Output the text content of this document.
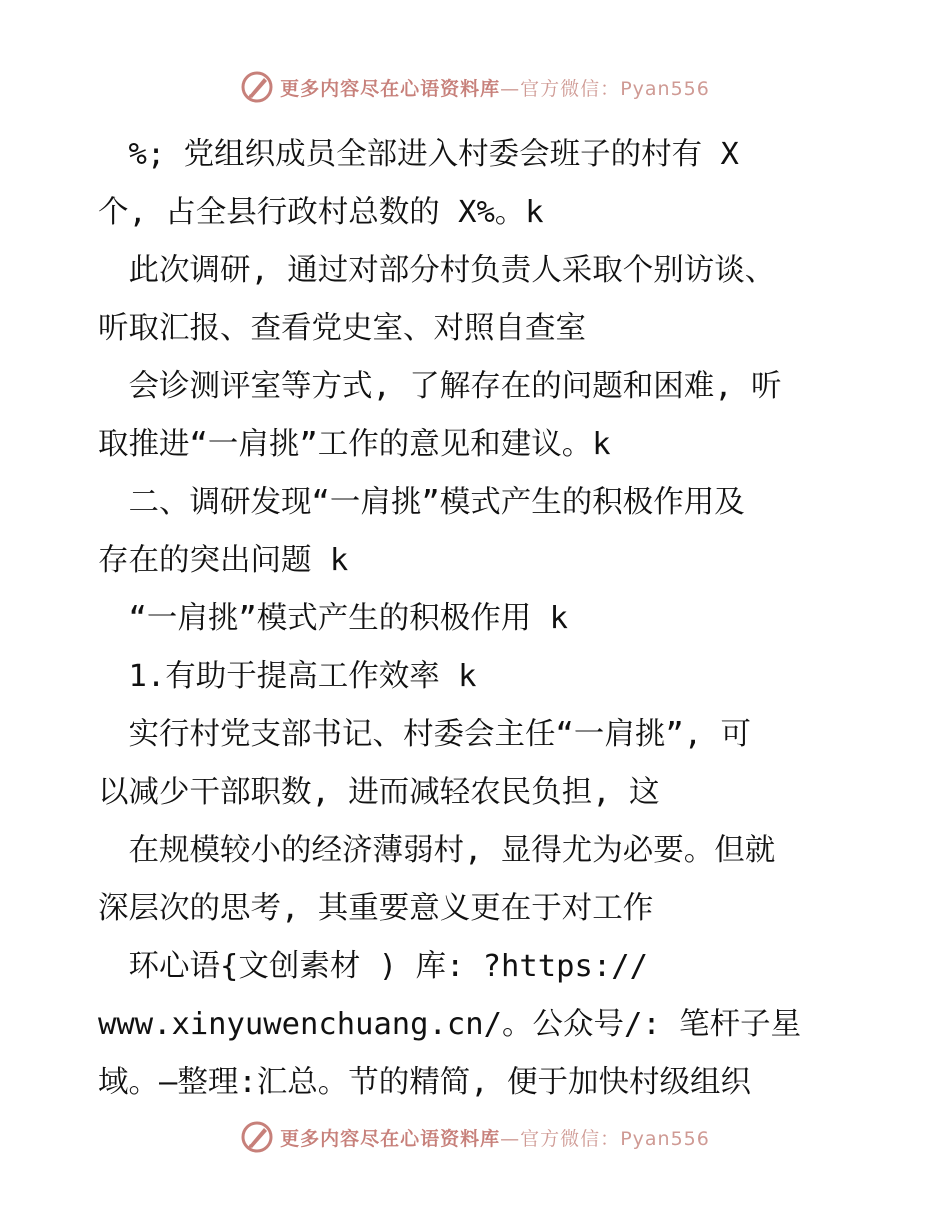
更多内容尽在心语资料库—官方微信：Pyan556
　%; 党组织成员全部进入村委会班子的村有 X
个, 占全县行政村总数的 X%。k
　此次调研, 通过对部分村负责人采取个别访谈、
听取汇报、查看党史室、对照自查室
　会诊测评室等方式, 了解存在的问题和困难, 听
取推进“一肩挑”工作的意见和建议。k
　二、调研发现“一肩挑”模式产生的积极作用及
存在的突出问题 k
　“一肩挑”模式产生的积极作用 k
　1.有助于提高工作效率 k
　实行村党支部书记、村委会主任“一肩挑”, 可
以减少干部职数, 进而减轻农民负担, 这
　在规模较小的经济薄弱村, 显得尤为必要。但就
深层次的思考, 其重要意义更在于对工作
　环心语{文创素材 ) 库: ?https://
www.xinyuwenchuang.cn/。公众号/: 笔杆子星
域。—整理:汇总。节的精简, 便于加快村级组织
更多内容尽在心语资料库—官方微信：Pyan556
